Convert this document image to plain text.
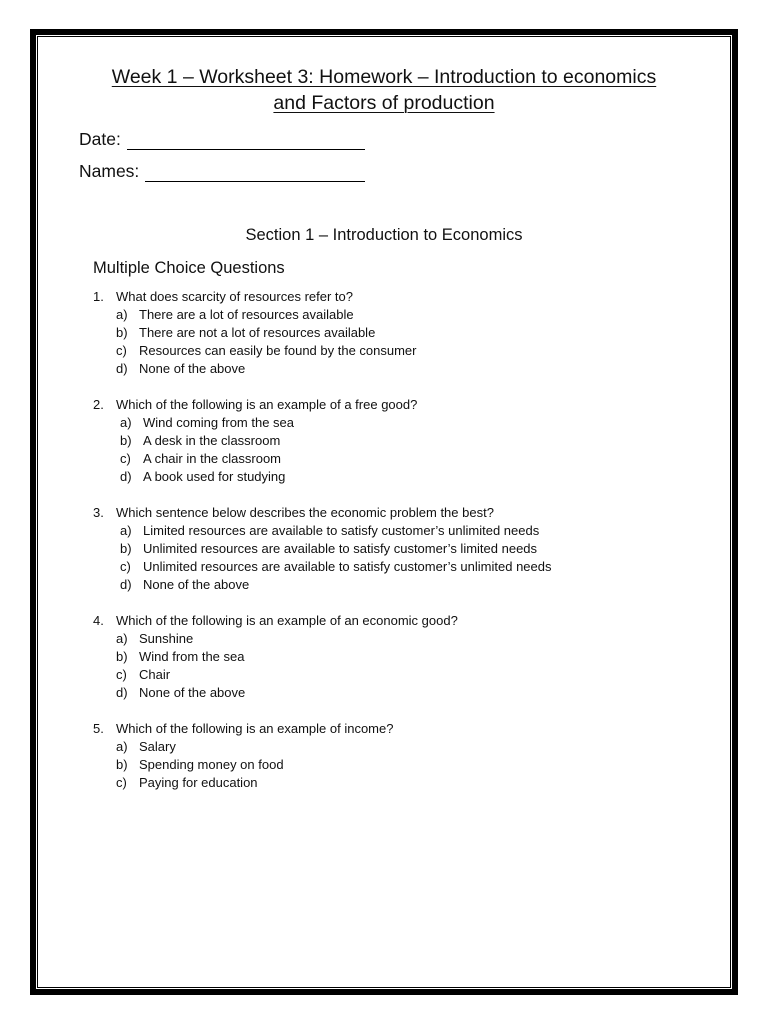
Week 1 – Worksheet 3: Homework – Introduction to economics
and Factors of production
Date:
Names:
Section 1 – Introduction to Economics
Multiple Choice Questions
1. What does scarcity of resources refer to?
a) There are a lot of resources available
b) There are not a lot of resources available
c) Resources can easily be found by the consumer
d) None of the above
2. Which of the following is an example of a free good?
a) Wind coming from the sea
b) A desk in the classroom
c) A chair in the classroom
d) A book used for studying
3. Which sentence below describes the economic problem the best?
a) Limited resources are available to satisfy customer’s unlimited needs
b) Unlimited resources are available to satisfy customer’s limited needs
c) Unlimited resources are available to satisfy customer’s unlimited needs
d) None of the above
4. Which of the following is an example of an economic good?
a) Sunshine
b) Wind from the sea
c) Chair
d) None of the above
5. Which of the following is an example of income?
a) Salary
b) Spending money on food
c) Paying for education
